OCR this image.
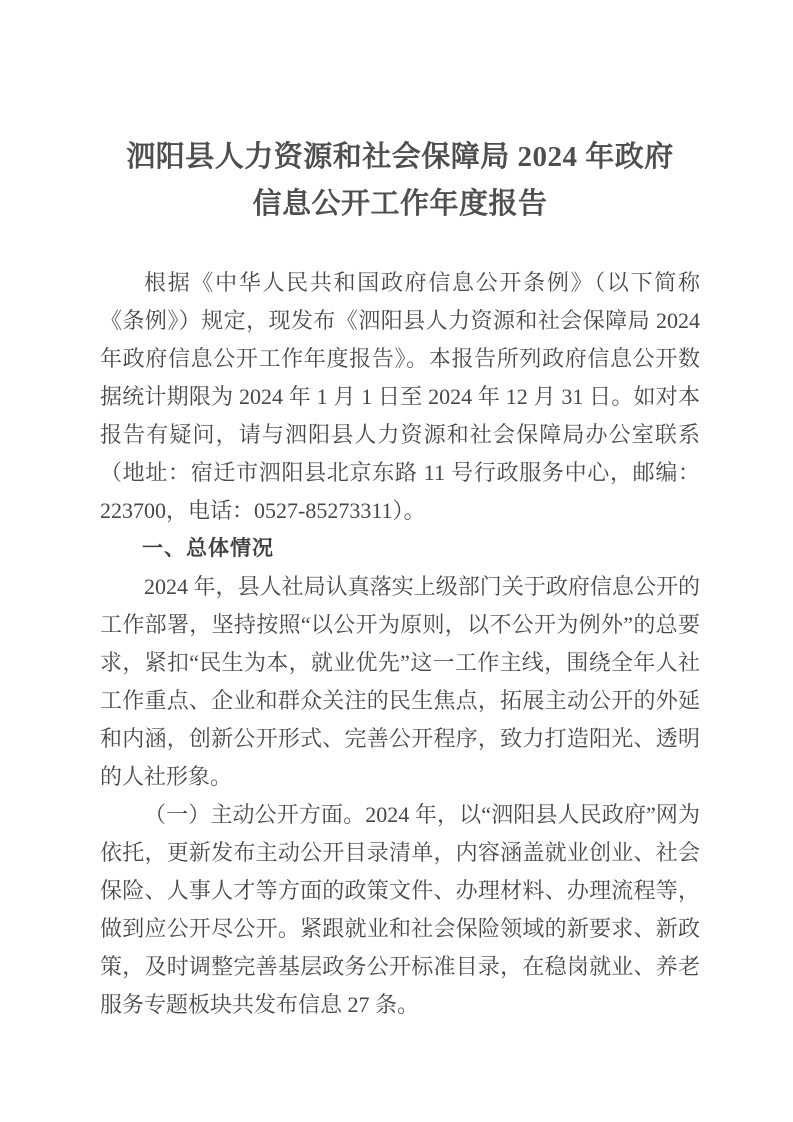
泗阳县人力资源和社会保障局 2024 年政府
信息公开工作年度报告

根据《中华人民共和国政府信息公开条例》（以下简称《条例》）规定，现发布《泗阳县人力资源和社会保障局 2024 年政府信息公开工作年度报告》。本报告所列政府信息公开数据统计期限为 2024 年 1 月 1 日至 2024 年 12 月 31 日。如对本报告有疑问，请与泗阳县人力资源和社会保障局办公室联系（地址：宿迁市泗阳县北京东路 11 号行政服务中心，邮编：223700，电话：0527-85273311）。

一、总体情况

2024 年，县人社局认真落实上级部门关于政府信息公开的工作部署，坚持按照“以公开为原则，以不公开为例外”的总要求，紧扣“民生为本，就业优先”这一工作主线，围绕全年人社工作重点、企业和群众关注的民生焦点，拓展主动公开的外延和内涵，创新公开形式、完善公开程序，致力打造阳光、透明的人社形象。

（一）主动公开方面。2024 年，以“泗阳县人民政府”网为依托，更新发布主动公开目录清单，内容涵盖就业创业、社会保险、人事人才等方面的政策文件、办理材料、办理流程等，做到应公开尽公开。紧跟就业和社会保险领域的新要求、新政策，及时调整完善基层政务公开标准目录，在稳岗就业、养老服务专题板块共发布信息 27 条。
